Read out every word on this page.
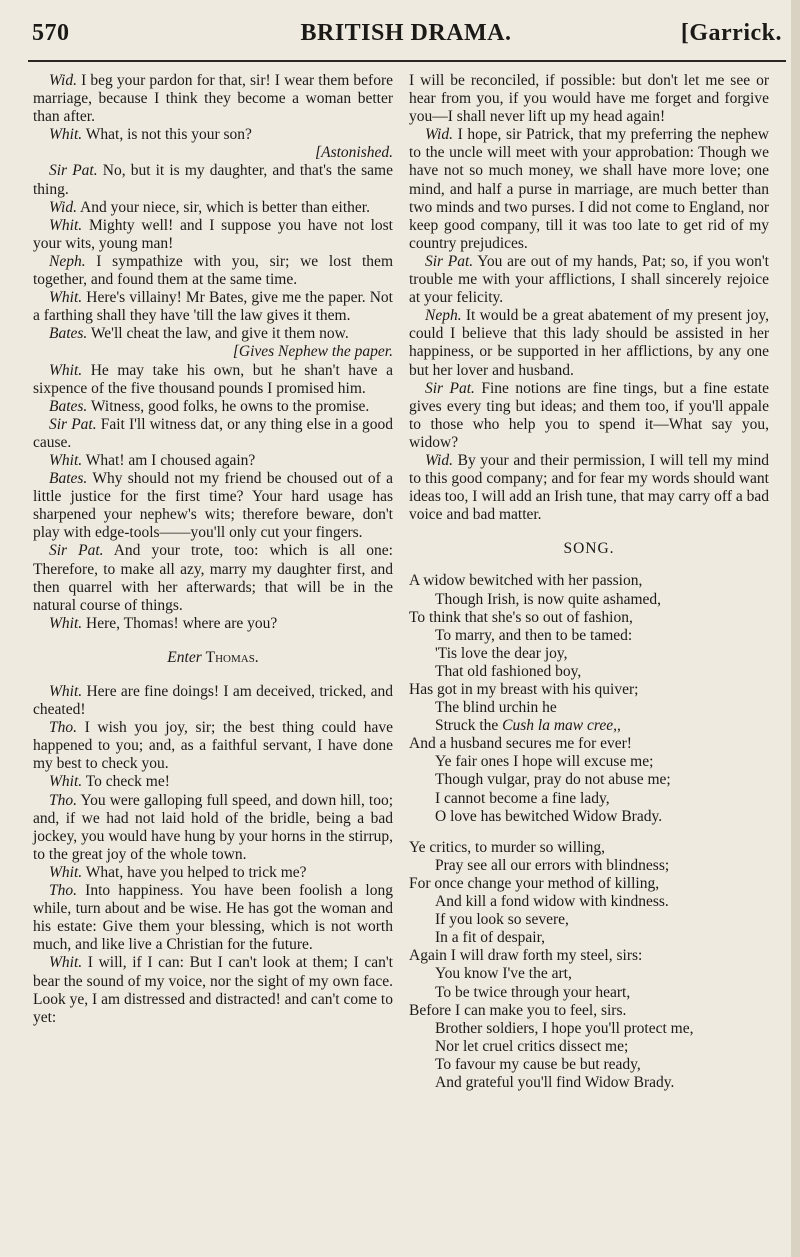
570	BRITISH DRAMA.	[Garrick.

Wid. I beg your pardon for that, sir! I wear them before marriage, because I think they become a woman better than after.

Whit. What, is not this your son?

[Astonished.

Sir Pat. No, but it is my daughter, and that's the same thing.

Wid. And your niece, sir, which is better than either.

Whit. Mighty well! and I suppose you have not lost your wits, young man!

Neph. I sympathize with you, sir; we lost them together, and found them at the same time.

Whit. Here's villainy! Mr Bates, give me the paper. Not a farthing shall they have 'till the law gives it them.

Bates. We'll cheat the law, and give it them now.

[Gives Nephew the paper.

Whit. He may take his own, but he shan't have a sixpence of the five thousand pounds I promised him.

Bates. Witness, good folks, he owns to the promise.

Sir Pat. Fait I'll witness dat, or any thing else in a good cause.

Whit. What! am I choused again?

Bates. Why should not my friend be choused out of a little justice for the first time? Your hard usage has sharpened your nephew's wits; therefore beware, don't play with edge-tools——you'll only cut your fingers.

Sir Pat. And your trote, too: which is all one: Therefore, to make all azy, marry my daughter first, and then quarrel with her afterwards; that will be in the natural course of things.

Whit. Here, Thomas! where are you?

Enter Thomas.

Whit. Here are fine doings! I am deceived, tricked, and cheated!

Tho. I wish you joy, sir; the best thing could have happened to you; and, as a faithful servant, I have done my best to check you.

Whit. To check me!

Tho. You were galloping full speed, and down hill, too; and, if we had not laid hold of the bridle, being a bad jockey, you would have hung by your horns in the stirrup, to the great joy of the whole town.

Whit. What, have you helped to trick me?

Tho. Into happiness. You have been foolish a long while, turn about and be wise. He has got the woman and his estate: Give them your blessing, which is not worth much, and like live a Christian for the future.

Whit. I will, if I can: But I can't look at them; I can't bear the sound of my voice, nor the sight of my own face. Look ye, I am distressed and distracted! and can't come to yet:

I will be reconciled, if possible: but don't let me see or hear from you, if you would have me forget and forgive you—I shall never lift up my head again!

Wid. I hope, sir Patrick, that my preferring the nephew to the uncle will meet with your approbation: Though we have not so much money, we shall have more love; one mind, and half a purse in marriage, are much better than two minds and two purses. I did not come to England, nor keep good company, till it was too late to get rid of my country prejudices.

Sir Pat. You are out of my hands, Pat; so, if you won't trouble me with your afflictions, I shall sincerely rejoice at your felicity.

Neph. It would be a great abatement of my present joy, could I believe that this lady should be assisted in her happiness, or be supported in her afflictions, by any one but her lover and husband.

Sir Pat. Fine notions are fine tings, but a fine estate gives every ting but ideas; and them too, if you'll appale to those who help you to spend it—What say you, widow?

Wid. By your and their permission, I will tell my mind to this good company; and for fear my words should want ideas too, I will add an Irish tune, that may carry off a bad voice and bad matter.

SONG.

A widow bewitched with her passion,

Though Irish, is now quite ashamed,

To think that she's so out of fashion,

To marry, and then to be tamed:

'Tis love the dear joy,

That old fashioned boy,

Has got in my breast with his quiver;

The blind urchin he

Struck the Cush la maw cree,,

And a husband secures me for ever!

Ye fair ones I hope will excuse me;

Though vulgar, pray do not abuse me;

I cannot become a fine lady,

O love has bewitched Widow Brady.

Ye critics, to murder so willing,

Pray see all our errors with blindness;

For once change your method of killing,

And kill a fond widow with kindness.

If you look so severe,

In a fit of despair,

Again I will draw forth my steel, sirs:

You know I've the art,

To be twice through your heart,

Before I can make you to feel, sirs.

Brother soldiers, I hope you'll protect me,

Nor let cruel critics dissect me;

To favour my cause be but ready,

And grateful you'll find Widow Brady.
